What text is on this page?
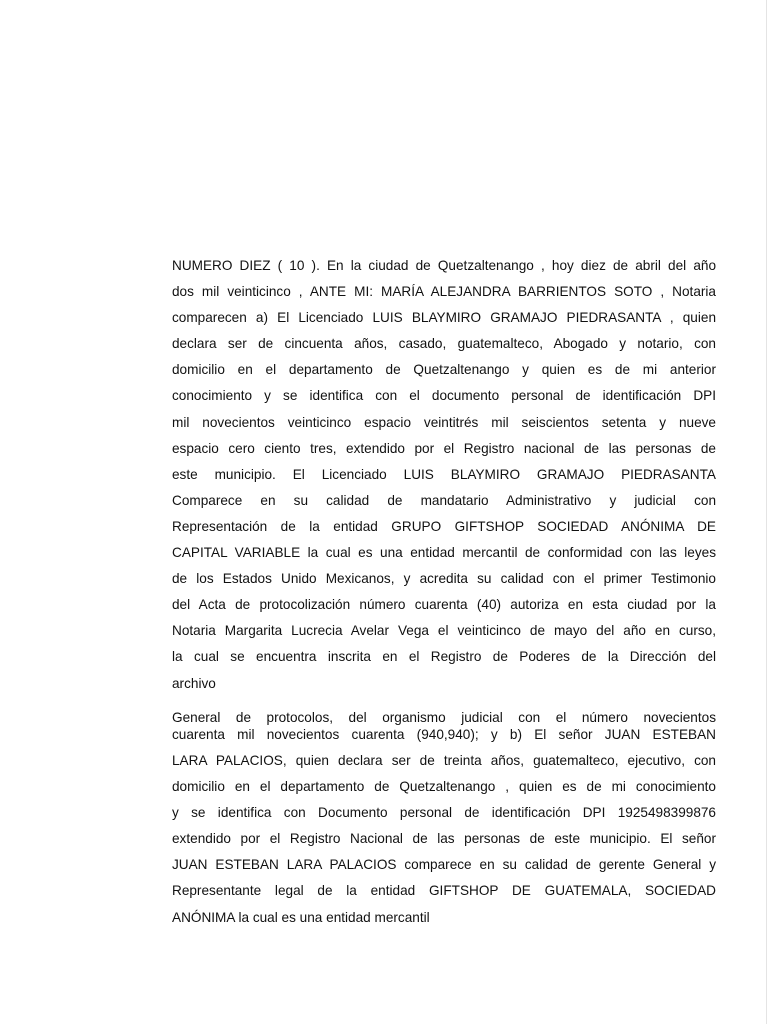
NUMERO DIEZ ( 10 ). En la ciudad de Quetzaltenango , hoy diez de abril del año
dos mil veinticinco , ANTE MI: MARÍA ALEJANDRA BARRIENTOS SOTO , Notaria
comparecen a) El Licenciado LUIS BLAYMIRO GRAMAJO PIEDRASANTA , quien
declara ser de cincuenta años, casado, guatemalteco, Abogado y notario, con
domicilio en el departamento de Quetzaltenango y quien es de mi anterior
conocimiento y se identifica con el documento personal de identificación DPI
mil novecientos veinticinco espacio veintitrés mil seiscientos setenta y nueve
espacio cero ciento tres, extendido por el Registro nacional de las personas de
este municipio. El Licenciado LUIS BLAYMIRO GRAMAJO PIEDRASANTA
Comparece en su calidad de mandatario Administrativo y judicial con
Representación de la entidad GRUPO GIFTSHOP SOCIEDAD ANÓNIMA DE
CAPITAL VARIABLE la cual es una entidad mercantil de conformidad con las leyes
de los Estados Unido Mexicanos, y acredita su calidad con el primer Testimonio
del Acta de protocolización número cuarenta (40) autoriza en esta ciudad por la
Notaria Margarita Lucrecia Avelar Vega el veinticinco de mayo del año en curso,
la cual se encuentra inscrita en el Registro de Poderes de la Dirección del
archivo
General de protocolos, del organismo judicial con el número novecientos
cuarenta mil novecientos cuarenta (940,940); y b) El señor JUAN ESTEBAN
LARA PALACIOS, quien declara ser de treinta años, guatemalteco, ejecutivo, con
domicilio en el departamento de Quetzaltenango , quien es de mi conocimiento
y se identifica con Documento personal de identificación DPI 1925498399876
extendido por el Registro Nacional de las personas de este municipio. El señor
JUAN ESTEBAN LARA PALACIOS comparece en su calidad de gerente General y
Representante legal de la entidad GIFTSHOP DE GUATEMALA, SOCIEDAD
ANÓNIMA la cual es una entidad mercantil
